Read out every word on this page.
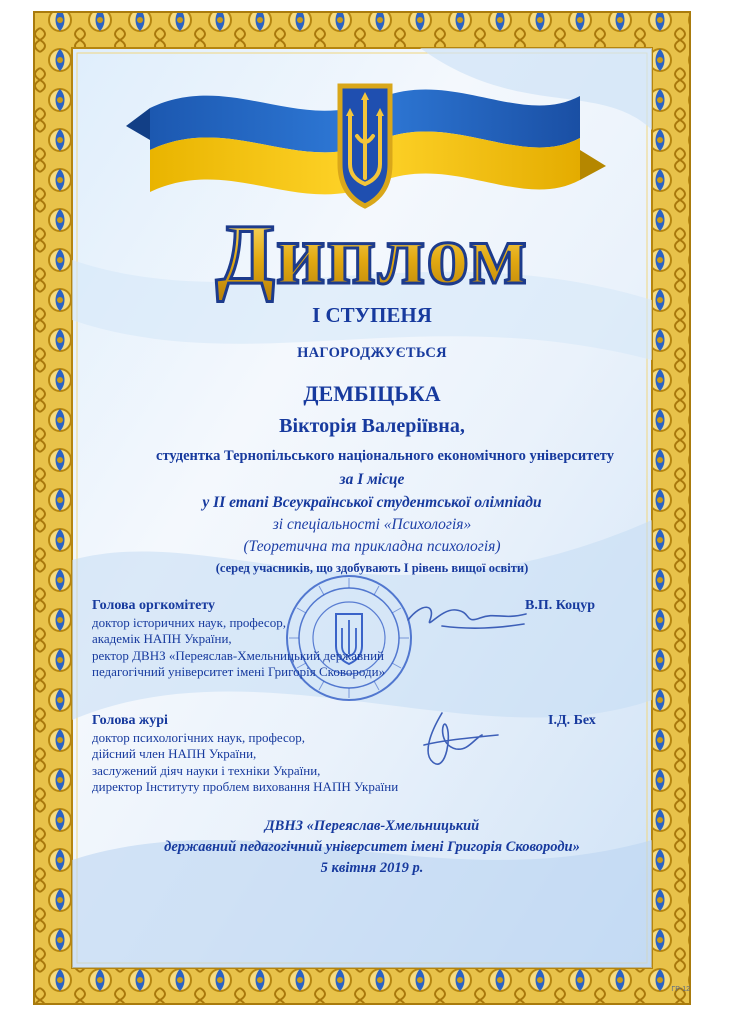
Диплом
І СТУПЕНЯ
НАГОРОДЖУЄТЬСЯ
ДЕМБІЦЬКА
Вікторія Валеріївна,
студентка Тернопільського національного економічного університету
за І місце
у ІІ етапі Всеукраїнської студентської олімпіади
зі спеціальності «Психологія»
(Теоретична та прикладна психологія)
(серед учасників, що здобувають І рівень вищої освіти)
Голова оргкомітету
доктор історичних наук, професор,
академік НАПН України,
ректор ДВНЗ «Переяслав-Хмельницький державний
педагогічний університет імені Григорія Сковороди»
В.П. Коцур
Голова журі
доктор психологічних наук, професор,
дійсний член НАПН України,
заслужений діяч науки і техніки України,
директор Інституту проблем виховання НАПН України
І.Д. Бех
ДВНЗ «Переяслав-Хмельницький
державний педагогічний університет імені Григорія Сковороди»
5 квітня 2019 р.
ГР-12
